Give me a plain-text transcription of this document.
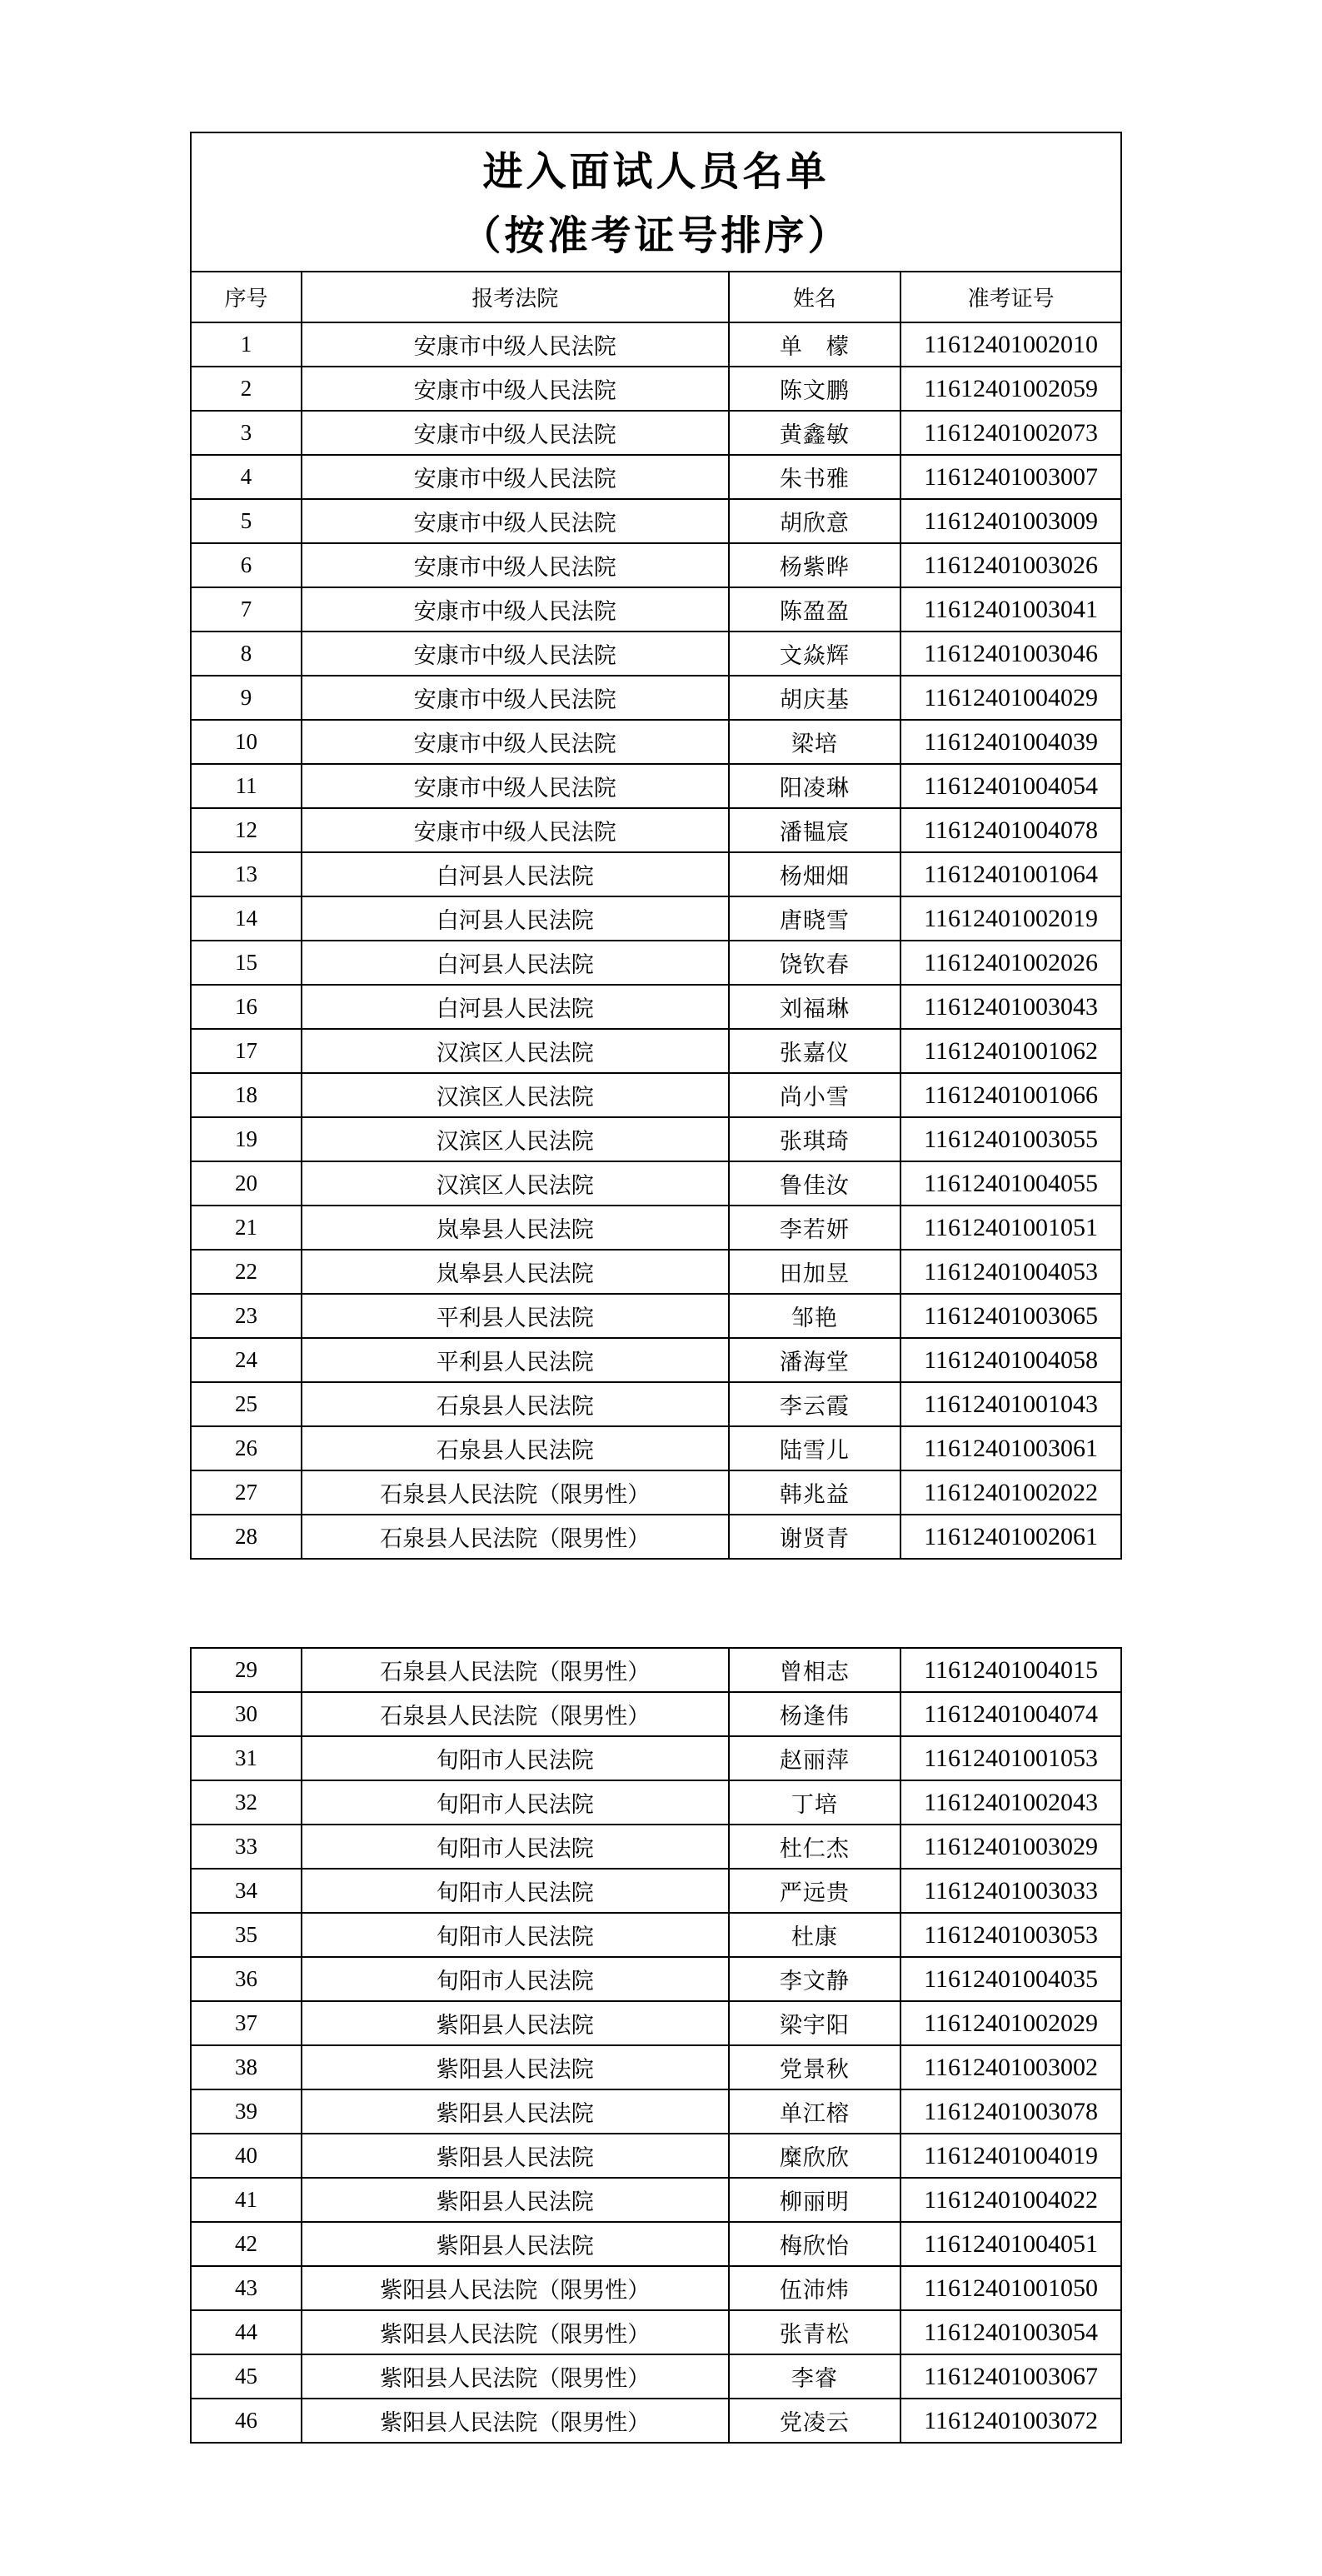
进入面试人员名单
（按准考证号排序）			

序号	报考法院	姓名	准考证号
1	安康市中级人民法院	单　檬	11612401002010
2	安康市中级人民法院	陈文鹏	11612401002059
3	安康市中级人民法院	黄鑫敏	11612401002073
4	安康市中级人民法院	朱书雅	11612401003007
5	安康市中级人民法院	胡欣意	11612401003009
6	安康市中级人民法院	杨紫晔	11612401003026
7	安康市中级人民法院	陈盈盈	11612401003041
8	安康市中级人民法院	文焱辉	11612401003046
9	安康市中级人民法院	胡庆基	11612401004029
10	安康市中级人民法院	梁培	11612401004039
11	安康市中级人民法院	阳凌琳	11612401004054
12	安康市中级人民法院	潘韫宸	11612401004078
13	白河县人民法院	杨畑畑	11612401001064
14	白河县人民法院	唐晓雪	11612401002019
15	白河县人民法院	饶钦春	11612401002026
16	白河县人民法院	刘福琳	11612401003043
17	汉滨区人民法院	张嘉仪	11612401001062
18	汉滨区人民法院	尚小雪	11612401001066
19	汉滨区人民法院	张琪琦	11612401003055
20	汉滨区人民法院	鲁佳汝	11612401004055
21	岚皋县人民法院	李若妍	11612401001051
22	岚皋县人民法院	田加昱	11612401004053
23	平利县人民法院	邹艳	11612401003065
24	平利县人民法院	潘海堂	11612401004058
25	石泉县人民法院	李云霞	11612401001043
26	石泉县人民法院	陆雪儿	11612401003061
27	石泉县人民法院（限男性）	韩兆益	11612401002022
28	石泉县人民法院（限男性）	谢贤青	11612401002061
29	石泉县人民法院（限男性）	曾相志	11612401004015
30	石泉县人民法院（限男性）	杨逢伟	11612401004074
31	旬阳市人民法院	赵丽萍	11612401001053
32	旬阳市人民法院	丁培	11612401002043
33	旬阳市人民法院	杜仁杰	11612401003029
34	旬阳市人民法院	严远贵	11612401003033
35	旬阳市人民法院	杜康	11612401003053
36	旬阳市人民法院	李文静	11612401004035
37	紫阳县人民法院	梁宇阳	11612401002029
38	紫阳县人民法院	党景秋	11612401003002
39	紫阳县人民法院	单江榕	11612401003078
40	紫阳县人民法院	糜欣欣	11612401004019
41	紫阳县人民法院	柳丽明	11612401004022
42	紫阳县人民法院	梅欣怡	11612401004051
43	紫阳县人民法院（限男性）	伍沛炜	11612401001050
44	紫阳县人民法院（限男性）	张青松	11612401003054
45	紫阳县人民法院（限男性）	李睿	11612401003067
46	紫阳县人民法院（限男性）	党凌云	11612401003072
